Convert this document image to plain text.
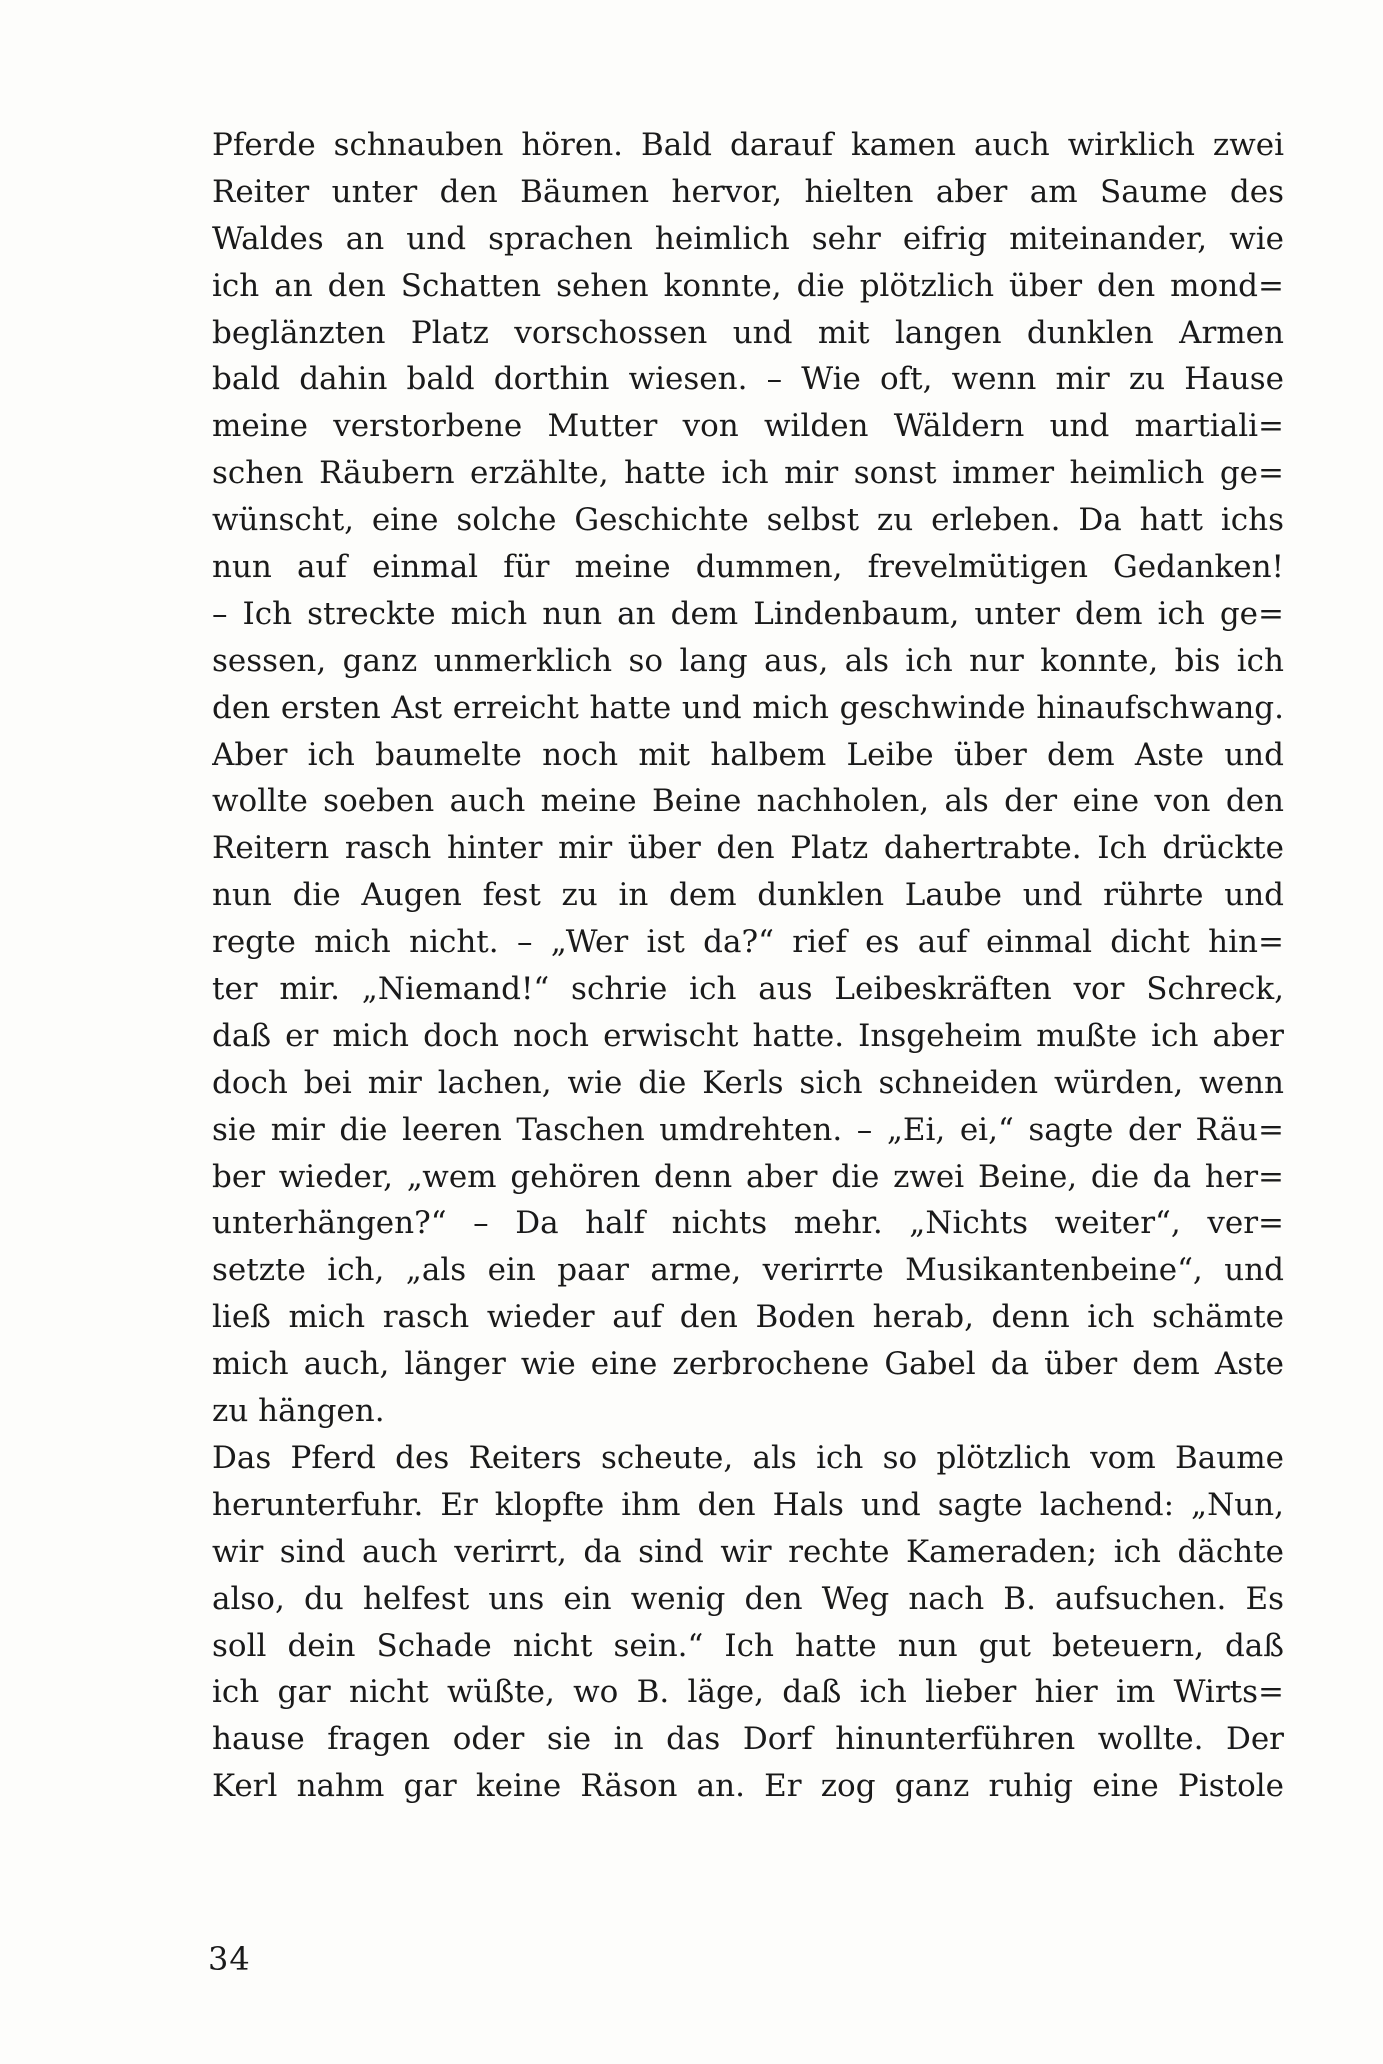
Pferde schnauben hören. Bald darauf kamen auch wirklich zwei
Reiter unter den Bäumen hervor, hielten aber am Saume des
Waldes an und sprachen heimlich sehr eifrig miteinander, wie
ich an den Schatten sehen konnte, die plötzlich über den mond=
beglänzten Platz vorschossen und mit langen dunklen Armen
bald dahin bald dorthin wiesen. – Wie oft, wenn mir zu Hause
meine verstorbene Mutter von wilden Wäldern und martiali=
schen Räubern erzählte, hatte ich mir sonst immer heimlich ge=
wünscht, eine solche Geschichte selbst zu erleben. Da hatt ichs
nun auf einmal für meine dummen, frevelmütigen Gedanken!
– Ich streckte mich nun an dem Lindenbaum, unter dem ich ge=
sessen, ganz unmerklich so lang aus, als ich nur konnte, bis ich
den ersten Ast erreicht hatte und mich geschwinde hinaufschwang.
Aber ich baumelte noch mit halbem Leibe über dem Aste und
wollte soeben auch meine Beine nachholen, als der eine von den
Reitern rasch hinter mir über den Platz dahertrabte. Ich drückte
nun die Augen fest zu in dem dunklen Laube und rührte und
regte mich nicht. – „Wer ist da?“ rief es auf einmal dicht hin=
ter mir. „Niemand!“ schrie ich aus Leibeskräften vor Schreck,
daß er mich doch noch erwischt hatte. Insgeheim mußte ich aber
doch bei mir lachen, wie die Kerls sich schneiden würden, wenn
sie mir die leeren Taschen umdrehten. – „Ei, ei,“ sagte der Räu=
ber wieder, „wem gehören denn aber die zwei Beine, die da her=
unterhängen?“ – Da half nichts mehr. „Nichts weiter“, ver=
setzte ich, „als ein paar arme, verirrte Musikantenbeine“, und
ließ mich rasch wieder auf den Boden herab, denn ich schämte
mich auch, länger wie eine zerbrochene Gabel da über dem Aste
zu hängen.
Das Pferd des Reiters scheute, als ich so plötzlich vom Baume
herunterfuhr. Er klopfte ihm den Hals und sagte lachend: „Nun,
wir sind auch verirrt, da sind wir rechte Kameraden; ich dächte
also, du helfest uns ein wenig den Weg nach B. aufsuchen. Es
soll dein Schade nicht sein.“ Ich hatte nun gut beteuern, daß
ich gar nicht wüßte, wo B. läge, daß ich lieber hier im Wirts=
hause fragen oder sie in das Dorf hinunterführen wollte. Der
Kerl nahm gar keine Räson an. Er zog ganz ruhig eine Pistole
34
